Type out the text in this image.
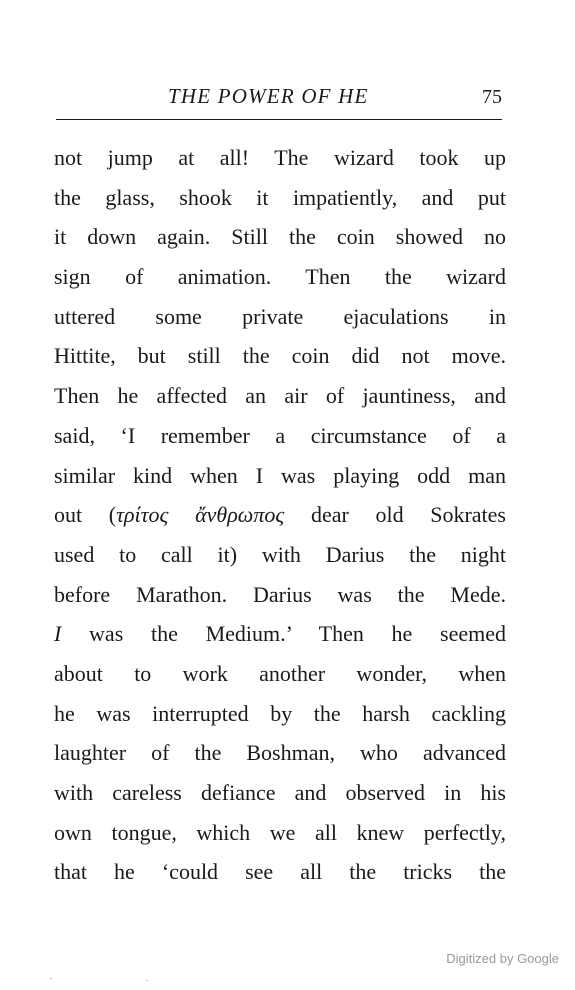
THE POWER OF HE	75
not jump at all! The wizard took up
the glass, shook it impatiently, and put
it down again. Still the coin showed no
sign of animation. Then the wizard
uttered some private ejaculations in
Hittite, but still the coin did not move.
Then he affected an air of jauntiness, and
said, ‘I remember a circumstance of a
similar kind when I was playing odd man
out (τρίτος ἄνθρωπος dear old Sokrates
used to call it) with Darius the night
before Marathon. Darius was the Mede.
I was the Medium.’ Then he seemed
about to work another wonder, when
he was interrupted by the harsh cackling
laughter of the Boshman, who advanced
with careless defiance and observed in his
own tongue, which we all knew perfectly,
that he ‘could see all the tricks the
Digitized by Google
